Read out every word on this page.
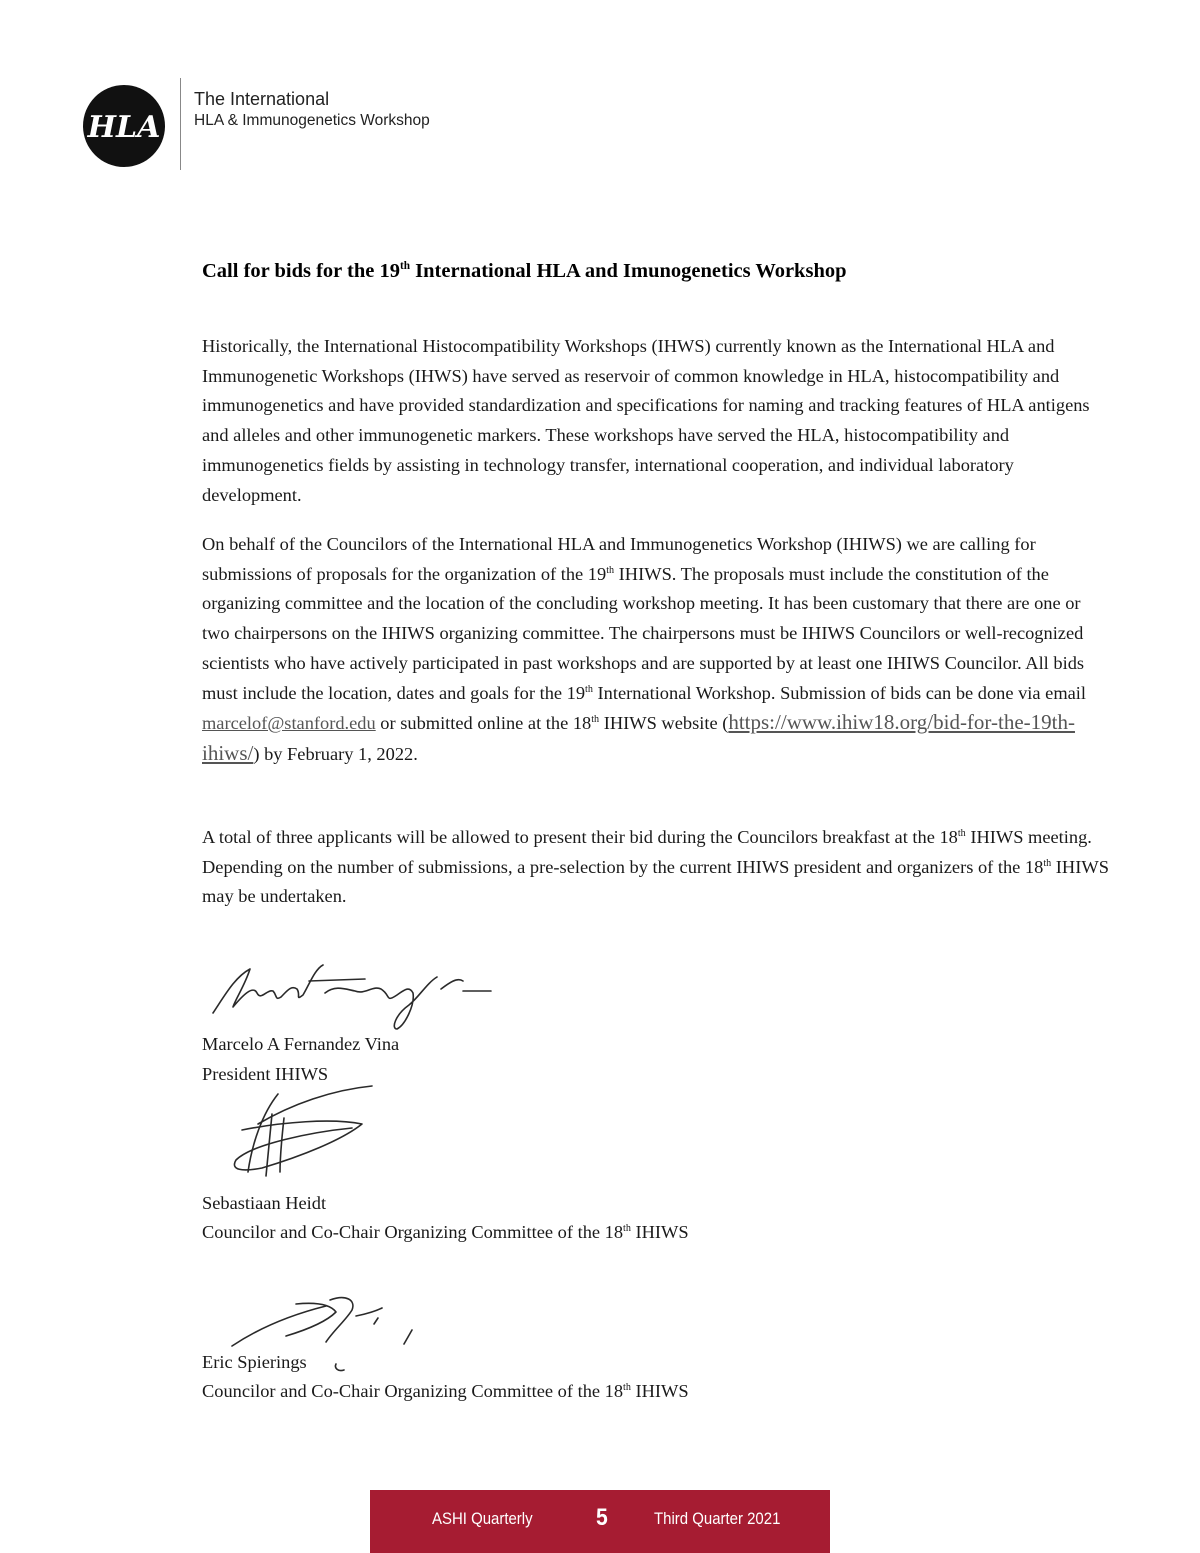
HLA
The International
HLA & Immunogenetics Workshop
Call for bids for the 19th International HLA and Imunogenetics Workshop
Historically, the International Histocompatibility Workshops (IHWS) currently known as the International HLA and Immunogenetic Workshops (IHWS) have served as reservoir of common knowledge in HLA, histocompatibility and immunogenetics and have provided standardization and specifications for naming and tracking features of HLA antigens and alleles and other immunogenetic markers. These workshops have served the HLA, histocompatibility and immunogenetics fields by assisting in technology transfer, international cooperation, and individual laboratory development.
On behalf of the Councilors of the International HLA and Immunogenetics Workshop (IHIWS) we are calling for submissions of proposals for the organization of the 19th IHIWS. The proposals must include the constitution of the organizing committee and the location of the concluding workshop meeting. It has been customary that there are one or two chairpersons on the IHIWS organizing committee. The chairpersons must be IHIWS Councilors or well-recognized scientists who have actively participated in past workshops and are supported by at least one IHIWS Councilor. All bids must include the location, dates and goals for the 19th International Workshop. Submission of bids can be done via email marcelof@stanford.edu or submitted online at the 18th IHIWS website (https://www.ihiw18.org/bid-for-the-19th-ihiws/) by February 1, 2022.
A total of three applicants will be allowed to present their bid during the Councilors breakfast at the 18th IHIWS meeting. Depending on the number of submissions, a pre-selection by the current IHIWS president and organizers of the 18th IHIWS may be undertaken.
Marcelo A Fernandez Vina
President IHIWS
Sebastiaan Heidt
Councilor and Co-Chair Organizing Committee of the 18th IHIWS
Eric Spierings
Councilor and Co-Chair Organizing Committee of the 18th IHIWS
ASHI Quarterly	5	Third Quarter 2021
